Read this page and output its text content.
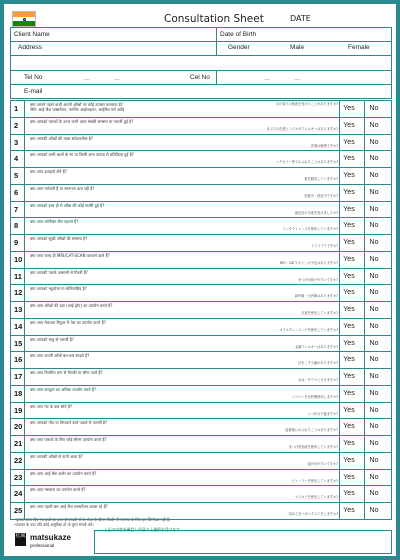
Consultation Sheet	DATE
Client Name	Date of Birth
Address	Gender	Male	Female
Tel No	—　　　　—	Cel No	—　　　　—
E-mail
1	क्या आपने पहले कभी अपनी आँखों पर कोई उपचार करवाया है?
जैसे: आई लैश एक्सटेंशन, पर्मानेंट आईलाइनर, आईलैश पर्म आदि
目の周りの施術を受けたことがありますか?
Yes	No
2	क्या आपको पलकों के ऊपर कभी त्वचा संबंधी समस्या या एलर्जी हुई है?
まぶたの皮膚トラブルやアレルギーはありますか? Yes	No
3	क्या आपकी आँखों की त्वचा संवेदनशील है?
皮膚は敏感ですか? Yes	No
4	क्या आपको कभी बालों के रंग या किसी अन्य उत्पाद से प्रतिक्रिया हुई है?
ヘアカラー等でかぶれたことはありますか? Yes	No
5	क्या आप दवाइयाँ लेते हैं?
薬を服用していますか? Yes	No
6	क्या आप गर्भवती हैं या स्तनपान करा रही हैं?
妊娠中・授乳中ですか? Yes	No
7	क्या आपको हाल ही में आँख की कोई सर्जरी हुई है?
最近目の手術を受けましたか? Yes	No
8	क्या आप कॉन्टैक्ट लेंस पहनते हैं?
コンタクトレンズを使用していますか? Yes	No
9	क्या आपको सूखी आँखों की समस्या है?
ドライアイですか? Yes	No
10 क्या आप जल्द ही MRI/CAT-SCAN करवाने वाले हैं?
MRI・CATスキャンの予定はありますか? Yes	No
11 क्या आपकी पलकें आसानी से गिरती हैं?
まつげが抜けやすいですか? Yes	No
12 क्या आपको ग्लूकोमा या मोतियाबिंद है?
緑内障・白内障はありますか? Yes	No
13 क्या आप आँखों की दवा (आई ड्रॉप) का उपयोग करते हैं?
目薬を使用していますか? Yes	No
14 क्या आप मेकअप रिमूवर में तेल का उपयोग करते हैं?
オイルクレンジングを使用していますか? Yes	No
15 क्या आपको धातु से एलर्जी है?
金属アレルギーはありますか? Yes	No
16 क्या आप अपनी आँखें बार-बार रगड़ते हैं?
目をこする癖がありますか? Yes	No
17 क्या आप नियमित रूप से तैराकी या सौना जाते हैं?
水泳・サウナに行きますか? Yes	No
18 क्या आप कंप्यूटर का अधिक उपयोग करते हैं?
パソコンを長時間使用しますか? Yes	No
19 क्या आप पेट के बल सोते हैं?
うつ伏せで寝ますか? Yes	No
20 क्या आपको गोंद या चिपकने वाले पदार्थ से एलर्जी है?
接着剤にかぶれたことはありますか? Yes	No
21 क्या आप पलकों के लिए कोई सीरम उपयोग करते हैं?
まつげ美容液を使用していますか? Yes	No
22 क्या आपकी आँखों से पानी आता है?
涙が出やすいですか? Yes	No
23 क्या आप आई लैश कर्लर का उपयोग करते हैं?
ビューラーを使用していますか? Yes	No
24 क्या आप मस्कारा का उपयोग करते हैं?
マスカラを使用していますか? Yes	No
25 क्या आप पहली बार आई लैश एक्सटेंशन करवा रहे हैं?
初めてまつげエクステをしますか? Yes	No
*उपचार के बाद यदि कोई असुविधा हो तो तुरंत संपर्क करें।
上記の内容を確認し同意の上施術を受けます。
松風 matsukaze
professional
